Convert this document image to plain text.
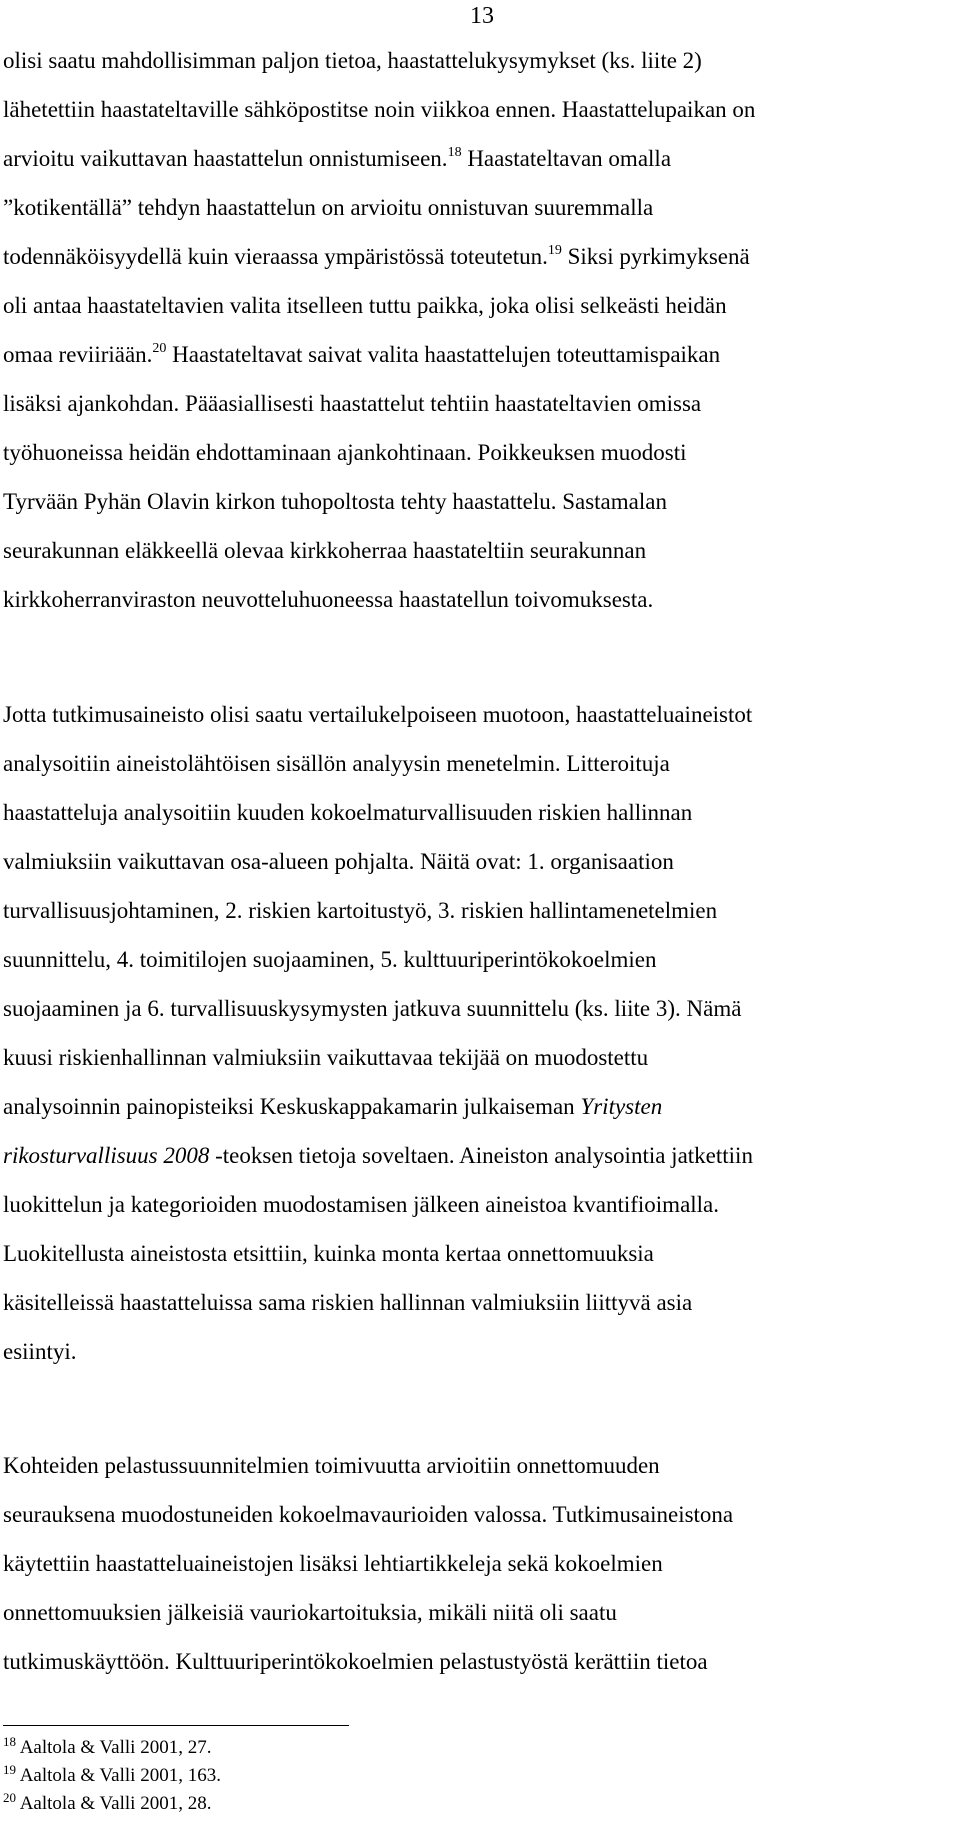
13
olisi saatu mahdollisimman paljon tietoa, haastattelukysymykset (ks. liite 2)
lähetettiin haastateltaville sähköpostitse noin viikkoa ennen. Haastattelupaikan on
arvioitu vaikuttavan haastattelun onnistumiseen.$^{18}$ Haastateltavan omalla
”kotikentällä” tehdyn haastattelun on arvioitu onnistuvan suuremmalla
todennäköisyydellä kuin vieraassa ympäristössä toteutetun.$^{19}$ Siksi pyrkimyksenä
oli antaa haastateltavien valita itselleen tuttu paikka, joka olisi selkeästi heidän
omaa reviiriään.$^{20}$ Haastateltavat saivat valita haastattelujen toteuttamispaikan
lisäksi ajankohdan. Pääasiallisesti haastattelut tehtiin haastateltavien omissa
työhuoneissa heidän ehdottaminaan ajankohtinaan. Poikkeuksen muodosti
Tyrvään Pyhän Olavin kirkon tuhopoltosta tehty haastattelu. Sastamalan
seurakunnan eläkkeellä olevaa kirkkoherraa haastateltiin seurakunnan
kirkkoherranviraston neuvotteluhuoneessa haastatellun toivomuksesta.
Jotta tutkimusaineisto olisi saatu vertailukelpoiseen muotoon, haastatteluaineistot
analysoitiin aineistolähtöisen sisällön analyysin menetelmin. Litteroituja
haastatteluja analysoitiin kuuden kokoelmaturvallisuuden riskien hallinnan
valmiuksiin vaikuttavan osa-alueen pohjalta. Näitä ovat: 1. organisaation
turvallisuusjohtaminen, 2. riskien kartoitustyö, 3. riskien hallintamenetelmien
suunnittelu, 4. toimitilojen suojaaminen, 5. kulttuuriperintökokoelmien
suojaaminen ja 6. turvallisuuskysymysten jatkuva suunnittelu (ks. liite 3). Nämä
kuusi riskienhallinnan valmiuksiin vaikuttavaa tekijää on muodostettu
analysoinnin painopisteiksi Keskuskappakamarin julkaiseman Yritysten
rikosturvallisuus 2008 -teoksen tietoja soveltaen. Aineiston analysointia jatkettiin
luokittelun ja kategorioiden muodostamisen jälkeen aineistoa kvantifioimalla.
Luokitellusta aineistosta etsittiin, kuinka monta kertaa onnettomuuksia
käsitelleissä haastatteluissa sama riskien hallinnan valmiuksiin liittyvä asia
esiintyi.
Kohteiden pelastussuunnitelmien toimivuutta arvioitiin onnettomuuden
seurauksena muodostuneiden kokoelmavaurioiden valossa. Tutkimusaineistona
käytettiin haastatteluaineistojen lisäksi lehtiartikkeleja sekä kokoelmien
onnettomuuksien jälkeisiä vauriokartoituksia, mikäli niitä oli saatu
tutkimuskäyttöön. Kulttuuriperintökokoelmien pelastustyöstä kerättiin tietoa
$^{18}$ Aaltola & Valli 2001, 27.
$^{19}$ Aaltola & Valli 2001, 163.
$^{20}$ Aaltola & Valli 2001, 28.
